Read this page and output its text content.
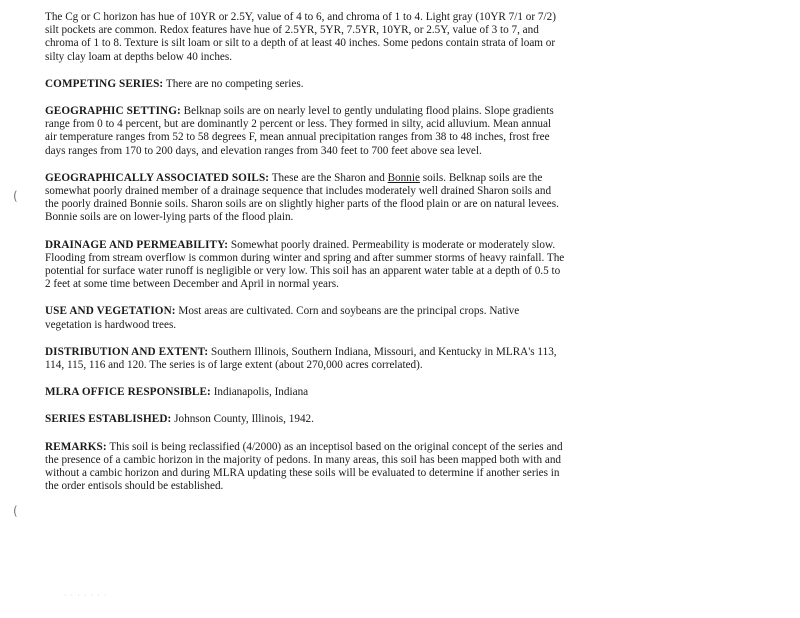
(
(

The Cg or C horizon has hue of 10YR or 2.5Y, value of 4 to 6, and chroma of 1 to 4. Light gray (10YR 7/1 or 7/2) silt pockets are common. Redox features have hue of 2.5YR, 5YR, 7.5YR, 10YR, or 2.5Y, value of 3 to 7, and chroma of 1 to 8. Texture is silt loam or silt to a depth of at least 40 inches. Some pedons contain strata of loam or silty clay loam at depths below 40 inches.

COMPETING SERIES: There are no competing series.

GEOGRAPHIC SETTING: Belknap soils are on nearly level to gently undulating flood plains. Slope gradients range from 0 to 4 percent, but are dominantly 2 percent or less. They formed in silty, acid alluvium. Mean annual air temperature ranges from 52 to 58 degrees F, mean annual precipitation ranges from 38 to 48 inches, frost free days ranges from 170 to 200 days, and elevation ranges from 340 feet to 700 feet above sea level.

GEOGRAPHICALLY ASSOCIATED SOILS: These are the Sharon and Bonnie soils. Belknap soils are the somewhat poorly drained member of a drainage sequence that includes moderately well drained Sharon soils and the poorly drained Bonnie soils. Sharon soils are on slightly higher parts of the flood plain or are on natural levees. Bonnie soils are on lower-lying parts of the flood plain.

DRAINAGE AND PERMEABILITY: Somewhat poorly drained. Permeability is moderate or moderately slow. Flooding from stream overflow is common during winter and spring and after summer storms of heavy rainfall. The potential for surface water runoff is negligible or very low. This soil has an apparent water table at a depth of 0.5 to 2 feet at some time between December and April in normal years.

USE AND VEGETATION: Most areas are cultivated. Corn and soybeans are the principal crops. Native vegetation is hardwood trees.

DISTRIBUTION AND EXTENT: Southern Illinois, Southern Indiana, Missouri, and Kentucky in MLRA's 113, 114, 115, 116 and 120. The series is of large extent (about 270,000 acres correlated).

MLRA OFFICE RESPONSIBLE: Indianapolis, Indiana

SERIES ESTABLISHED: Johnson County, Illinois, 1942.

REMARKS: This soil is being reclassified (4/2000) as an inceptisol based on the original concept of the series and the presence of a cambic horizon in the majority of pedons. In many areas, this soil has been mapped both with and without a cambic horizon and during MLRA updating these soils will be evaluated to determine if another series in the order entisols should be established.

· · · · · · ·
